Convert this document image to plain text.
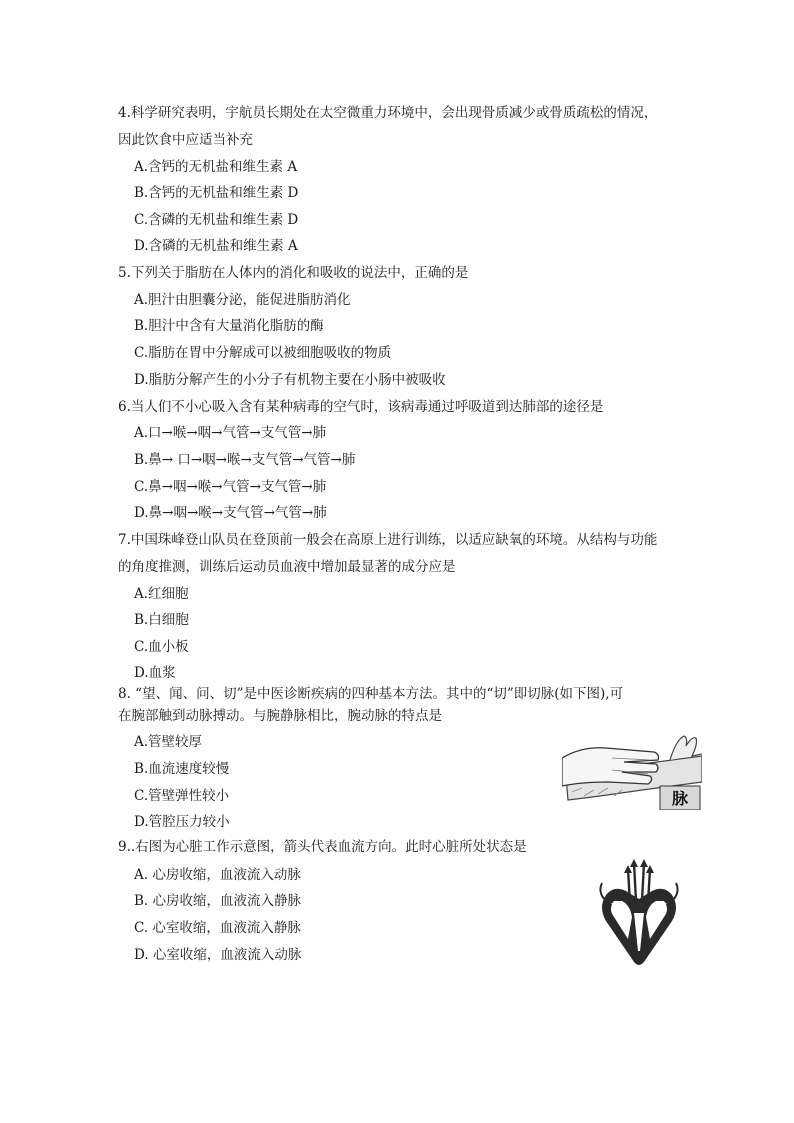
4.科学研究表明，宇航员长期处在太空微重力环境中，会出现骨质减少或骨质疏松的情况，
因此饮食中应适当补充
A.含钙的无机盐和维生素 A
B.含钙的无机盐和维生素 D
C.含磷的无机盐和维生素 D
D.含磷的无机盐和维生素 A
5.下列关于脂肪在人体内的消化和吸收的说法中，正确的是
A.胆汁由胆囊分泌，能促进脂肪消化
B.胆汁中含有大量消化脂肪的酶
C.脂肪在胃中分解成可以被细胞吸收的物质
D.脂肪分解产生的小分子有机物主要在小肠中被吸收
6.当人们不小心吸入含有某种病毒的空气时，该病毒通过呼吸道到达肺部的途径是
A.口→喉→咽→气管→支气管→肺
B.鼻→ 口→咽→喉→支气管→气管→肺
C.鼻→咽→喉→气管→支气管→肺
D.鼻→咽→喉→支气管→气管→肺
7.中国珠峰登山队员在登顶前一般会在高原上进行训练，以适应缺氧的环境。从结构与功能
的角度推测，训练后运动员血液中增加最显著的成分应是
A.红细胞
B.白细胞
C.血小板
D.血浆
8. “望、闻、问、切”是中医诊断疾病的四种基本方法。其中的“切”即切脉(如下图),可
在腕部触到动脉搏动。与腕静脉相比，腕动脉的特点是
A.管壁较厚
B.血流速度较慢
C.管壁弹性较小
D.管腔压力较小
9..右图为心脏工作示意图，箭头代表血流方向。此时心脏所处状态是
A. 心房收缩，血液流入动脉
B. 心房收缩，血液流入静脉
C. 心室收缩，血液流入静脉
D. 心室收缩，血液流入动脉
脉
